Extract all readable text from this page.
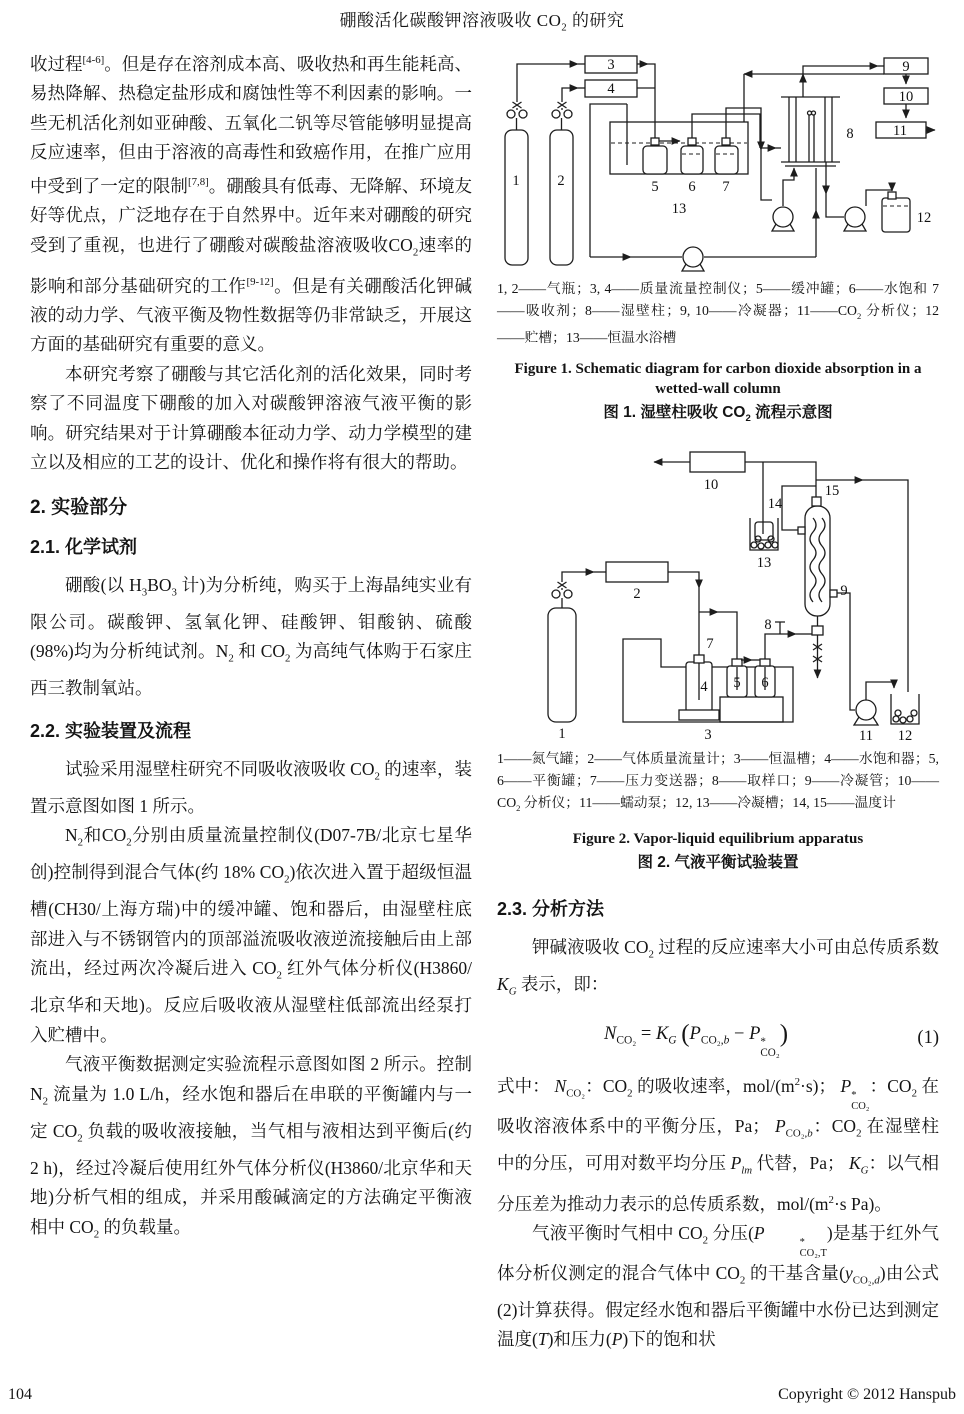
硼酸活化碳酸钾溶液吸收 $CO_2$ 的研究

收过程[4-6]。但是存在溶剂成本高、吸收热和再生能耗高、易热降解、热稳定盐形成和腐蚀性等不利因素的影响。一些无机活化剂如亚砷酸、五氧化二钒等尽管能够明显提高反应速率，但由于溶液的高毒性和致癌作用，在推广应用中受到了一定的限制[7,8]。硼酸具有低毒、无降解、环境友好等优点，广泛地存在于自然界中。近年来对硼酸的研究受到了重视，也进行了硼酸对碳酸盐溶液吸收$CO_2$速率的影响和部分基础研究的工作[9-12]。但是有关硼酸活化钾碱液的动力学、气液平衡及物性数据等仍非常缺乏，开展这方面的基础研究有重要的意义。

本研究考察了硼酸与其它活化剂的活化效果，同时考察了不同温度下硼酸的加入对碳酸钾溶液气液平衡的影响。研究结果对于计算硼酸本征动力学、动力学模型的建立以及相应的工艺的设计、优化和操作将有很大的帮助。

2. 实验部分
2.1. 化学试剂

硼酸(以 $H_3BO_3$ 计)为分析纯，购买于上海晶纯实业有限公司。碳酸钾、氢氧化钾、硅酸钾、钼酸钠、硫酸(98%)均为分析纯试剂。$N_2$ 和 $CO_2$ 为高纯气体购于石家庄西三教制氧站。

2.2. 实验装置及流程

试验采用湿壁柱研究不同吸收液吸收 $CO_2$ 的速率，装置示意图如图 1 所示。

$N_2$和$CO_2$分别由质量流量控制仪(D07-7B/北京七星华创)控制得到混合气体(约 18% $CO_2$)依次进入置于超级恒温槽(CH30/上海方瑞)中的缓冲罐、饱和器后，由湿壁柱底部进入与不锈钢管内的顶部溢流吸收液逆流接触后由上部流出，经过两次冷凝后进入 $CO_2$ 红外气体分析仪(H3860/北京华和天地)。反应后吸收液从湿壁柱低部流出经泵打入贮槽中。

气液平衡数据测定实验流程示意图如图 2 所示。控制 $N_2$ 流量为 1.0 L/h，经水饱和器后在串联的平衡罐内与一定 $CO_2$ 负载的吸收液接触，当气相与液相达到平衡后(约 2 h)，经过冷凝后使用红外气体分析仪(H3860/北京华和天地)分析气相的组成，并采用酸碱滴定的方法确定平衡液相中 $CO_2$ 的负载量。

1	2
3
4
5 6 7
8
9
10
11
12
13

1, 2——气瓶；3, 4——质量流量控制仪；5——缓冲罐；6——水饱和 7——吸收剂；8——湿壁柱；9, 10——冷凝器；$11——CO_2$ 分析仪；12——贮槽；13——恒温水浴槽

Figure 1. Schematic diagram for carbon dioxide absorption in a wetted-wall column
图 1. 湿壁柱吸收 $CO_2$ 流程示意图
1
2
3
4 5 6
7
8
9
10
11 12
13
14
15

1——氮气罐；2——气体质量流量计；3——恒温槽；4——水饱和器；5, 6——平衡罐；7——压力变送器；8——取样口；9——冷凝管；$10——CO_2$ 分析仪；11——蠕动泵；12, 13——冷凝槽；14, 15——温度计

Figure 2. Vapor-liquid equilibrium apparatus
图 2. 气液平衡试验装置
2.3. 分析方法

钾碱液吸收 $CO_2$ 过程的反应速率大小可由总传质系数 $K_G$ 表示，即：

$N_{CO_2} = K_G$ ($P_{CO_2,b} - P$ *
CO₂
)	(1)

式中： $N_{CO_2}$：$CO_2$ 的吸收速率，mol/$(m^2\cdot s)$； P *
CO₂
：$CO_2$ 在吸收溶液体系中的平衡分压，Pa； $P_{CO_2,b}$：$CO_2$ 在湿壁柱中的分压，可用对数平均分压 $P_{lm}$ 代替，Pa； $K_G$：以气相分压差为推动力表示的总传质系数，mol/($m^2\cdot s$ Pa)。

气液平衡时气相中 $CO_2$ 分压(P	*
CO₂,T
)是基于红外气体分析仪测定的混合气体中 $CO_2$ 的干基含量$(y_{CO_2,d})$由公式(2)计算获得。假定经水饱和器后平衡罐中水份已达到测定温度(T)和压力(P)下的饱和状

104	Copyright © 2012 Hanspub
